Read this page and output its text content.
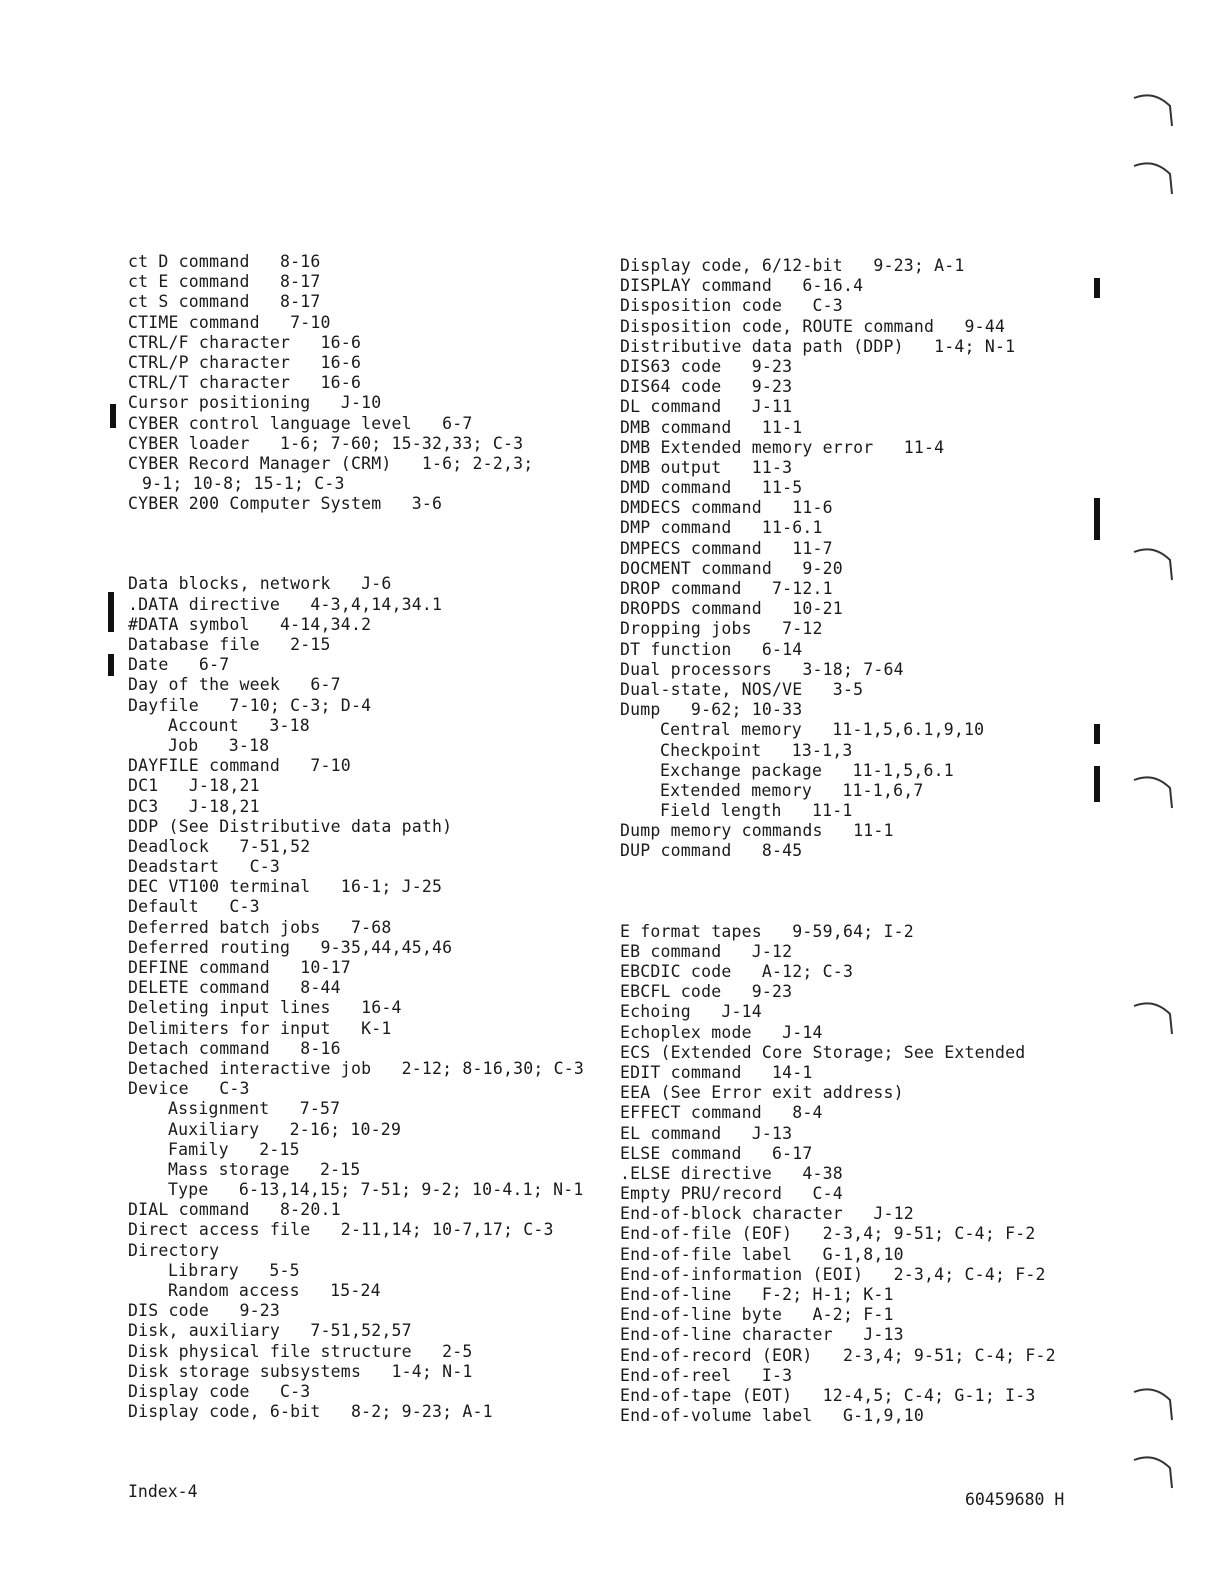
ct D command   8-16
ct E command   8-17
ct S command   8-17
CTIME command   7-10
CTRL/F character   16-6
CTRL/P character   16-6
CTRL/T character   16-6
Cursor positioning   J-10
CYBER control language level   6-7
CYBER loader   1-6; 7-60; 15-32,33; C-3
CYBER Record Manager (CRM)   1-6; 2-2,3;
9-1; 10-8; 15-1; C-3
CYBER 200 Computer System   3-6
Data blocks, network   J-6
.DATA directive   4-3,4,14,34.1
#DATA symbol   4-14,34.2
Database file   2-15
Date   6-7
Day of the week   6-7
Dayfile   7-10; C-3; D-4
Account   3-18
Job   3-18
DAYFILE command   7-10
DC1   J-18,21
DC3   J-18,21
DDP (See Distributive data path)
Deadlock   7-51,52
Deadstart   C-3
DEC VT100 terminal   16-1; J-25
Default   C-3
Deferred batch jobs   7-68
Deferred routing   9-35,44,45,46
DEFINE command   10-17
DELETE command   8-44
Deleting input lines   16-4
Delimiters for input   K-1
Detach command   8-16
Detached interactive job   2-12; 8-16,30; C-3
Device   C-3
Assignment   7-57
Auxiliary   2-16; 10-29
Family   2-15
Mass storage   2-15
Type   6-13,14,15; 7-51; 9-2; 10-4.1; N-1
DIAL command   8-20.1
Direct access file   2-11,14; 10-7,17; C-3
Directory
Library   5-5
Random access   15-24
DIS code   9-23
Disk, auxiliary   7-51,52,57
Disk physical file structure   2-5
Disk storage subsystems   1-4; N-1
Display code   C-3
Display code, 6-bit   8-2; 9-23; A-1
Display code, 6/12-bit   9-23; A-1
DISPLAY command   6-16.4
Disposition code   C-3
Disposition code, ROUTE command   9-44
Distributive data path (DDP)   1-4; N-1
DIS63 code   9-23
DIS64 code   9-23
DL command   J-11
DMB command   11-1
DMB Extended memory error   11-4
DMB output   11-3
DMD command   11-5
DMDECS command   11-6
DMP command   11-6.1
DMPECS command   11-7
DOCMENT command   9-20
DROP command   7-12.1
DROPDS command   10-21
Dropping jobs   7-12
DT function   6-14
Dual processors   3-18; 7-64
Dual-state, NOS/VE   3-5
Dump   9-62; 10-33
Central memory   11-1,5,6.1,9,10
Checkpoint   13-1,3
Exchange package   11-1,5,6.1
Extended memory   11-1,6,7
Field length   11-1
Dump memory commands   11-1
DUP command   8-45
E format tapes   9-59,64; I-2
EB command   J-12
EBCDIC code   A-12; C-3
EBCFL code   9-23
Echoing   J-14
Echoplex mode   J-14
ECS (Extended Core Storage; See Extended
EDIT command   14-1
EEA (See Error exit address)
EFFECT command   8-4
EL command   J-13
ELSE command   6-17
.ELSE directive   4-38
Empty PRU/record   C-4
End-of-block character   J-12
End-of-file (EOF)   2-3,4; 9-51; C-4; F-2
End-of-file label   G-1,8,10
End-of-information (EOI)   2-3,4; C-4; F-2
End-of-line   F-2; H-1; K-1
End-of-line byte   A-2; F-1
End-of-line character   J-13
End-of-record (EOR)   2-3,4; 9-51; C-4; F-2
End-of-reel   I-3
End-of-tape (EOT)   12-4,5; C-4; G-1; I-3
End-of-volume label   G-1,9,10
Index-4	60459680 H
